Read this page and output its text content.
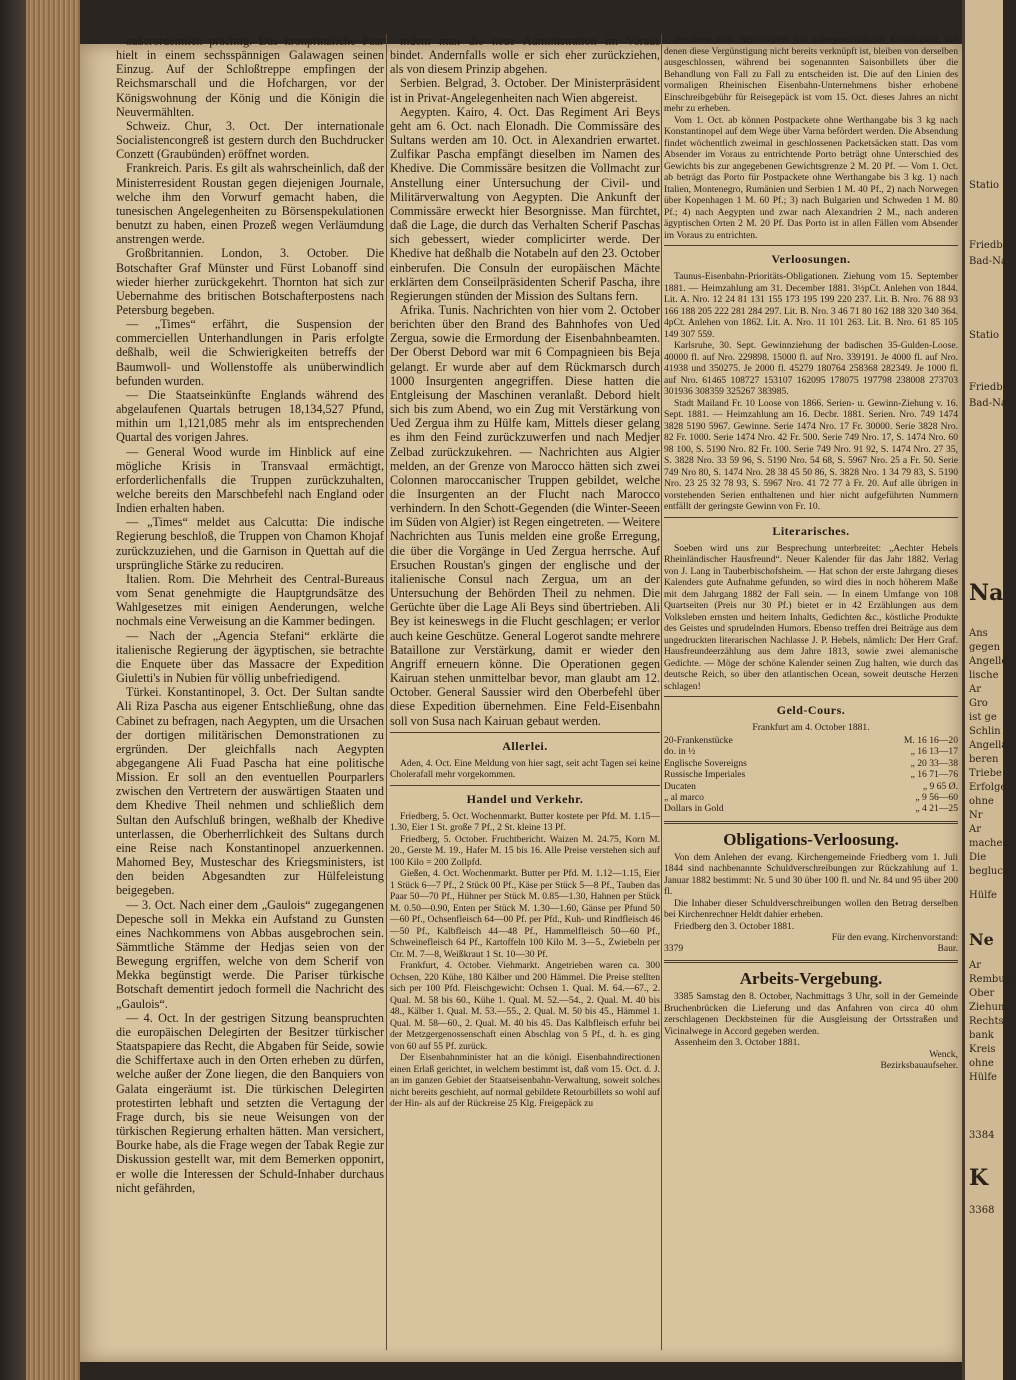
außerordentlich prächtig. Das kronprinzliche Paar hielt in einem sechsspännigen Galawagen seinen Einzug. Auf der Schloßtreppe empfingen der Reichsmarschall und die Hofchargen, vor der Königswohnung der König und die Königin die Neuvermählten.

Schweiz. Chur, 3. Oct. Der internationale Socialistencongreß ist gestern durch den Buchdrucker Conzett (Graubünden) eröffnet worden.

Frankreich. Paris. Es gilt als wahrscheinlich, daß der Ministerresident Roustan gegen diejenigen Journale, welche ihm den Vorwurf gemacht haben, die tunesischen Angelegenheiten zu Börsenspekulationen benutzt zu haben, einen Prozeß wegen Verläumdung anstrengen werde.

Großbritannien. London, 3. October. Die Botschafter Graf Münster und Fürst Lobanoff sind wieder hierher zurückgekehrt. Thornton hat sich zur Uebernahme des britischen Botschafterpostens nach Petersburg begeben.

— „Times“ erfährt, die Suspension der commerciellen Unterhandlungen in Paris erfolgte deßhalb, weil die Schwierigkeiten betreffs der Baumwoll- und Wollenstoffe als unüberwindlich befunden wurden.

— Die Staatseinkünfte Englands während des abgelaufenen Quartals betrugen 18,134,527 Pfund, mithin um 1,121,085 mehr als im entsprechenden Quartal des vorigen Jahres.

— General Wood wurde im Hinblick auf eine mögliche Krisis in Transvaal ermächtigt, erforderlichenfalls die Truppen zurückzuhalten, welche bereits den Marschbefehl nach England oder Indien erhalten haben.

— „Times“ meldet aus Calcutta: Die indische Regierung beschloß, die Truppen von Chamon Khojaf zurückzuziehen, und die Garnison in Quettah auf die ursprüngliche Stärke zu reduciren.

Italien. Rom. Die Mehrheit des Central-Bureaus vom Senat genehmigte die Hauptgrundsätze des Wahlgesetzes mit einigen Aenderungen, welche nochmals eine Verweisung an die Kammer bedingen.

— Nach der „Agencia Stefani“ erklärte die italienische Regierung der ägyptischen, sie betrachte die Enquete über das Massacre der Expedition Giuletti's in Nubien für völlig unbefriedigend.

Türkei. Konstantinopel, 3. Oct. Der Sultan sandte Ali Riza Pascha aus eigener Entschließung, ohne das Cabinet zu befragen, nach Aegypten, um die Ursachen der dortigen militärischen Demonstrationen zu ergründen. Der gleichfalls nach Aegypten abgegangene Ali Fuad Pascha hat eine politische Mission. Er soll an den eventuellen Pourparlers zwischen den Vertretern der auswärtigen Staaten und dem Khedive Theil nehmen und schließlich dem Sultan den Aufschluß bringen, weßhalb der Khedive unterlassen, die Oberherrlichkeit des Sultans durch eine Reise nach Konstantinopel anzuerkennen. Mahomed Bey, Musteschar des Kriegsministers, ist den beiden Abgesandten zur Hülfeleistung beigegeben.

— 3. Oct. Nach einer dem „Gaulois“ zugegangenen Depesche soll in Mekka ein Aufstand zu Gunsten eines Nachkommens von Abbas ausgebrochen sein. Sämmtliche Stämme der Hedjas seien von der Bewegung ergriffen, welche von dem Scherif von Mekka begünstigt werde. Die Pariser türkische Botschaft dementirt jedoch formell die Nachricht des „Gaulois“.

— 4. Oct. In der gestrigen Sitzung beanspruchten die europäischen Delegirten der Besitzer türkischer Staatspapiere das Recht, die Abgaben für Seide, sowie die Schiffertaxe auch in den Orten erheben zu dürfen, welche außer der Zone liegen, die den Banquiers von Galata eingeräumt ist. Die türkischen Delegirten protestirten lebhaft und setzten die Vertagung der Frage durch, bis sie neue Weisungen von der türkischen Regierung erhalten hätten. Man versichert, Bourke habe, als die Frage wegen der Tabak Regie zur Diskussion gestellt war, mit dem Bemerken opponirt, er wolle die Interessen der Schuld-Inhaber durchaus nicht gefährden,

indem man die neue Administration im Voraus bindet. Andernfalls wolle er sich eher zurückziehen, als von diesem Prinzip abgehen.

Serbien. Belgrad, 3. October. Der Ministerpräsident ist in Privat-Angelegenheiten nach Wien abgereist.

Aegypten. Kairo, 4. Oct. Das Regiment Ari Beys geht am 6. Oct. nach Elonadh. Die Commissäre des Sultans werden am 10. Oct. in Alexandrien erwartet. Zulfikar Pascha empfängt dieselben im Namen des Khedive. Die Commissäre besitzen die Vollmacht zur Anstellung einer Untersuchung der Civil- und Militärverwaltung von Aegypten. Die Ankunft der Commissäre erweckt hier Besorgnisse. Man fürchtet, daß die Lage, die durch das Verhalten Scherif Paschas sich gebessert, wieder complicirter werde. Der Khedive hat deßhalb die Notabeln auf den 23. October einberufen. Die Consuln der europäischen Mächte erklärten dem Conseilpräsidenten Scherif Pascha, ihre Regierungen stünden der Mission des Sultans fern.

Afrika. Tunis. Nachrichten von hier vom 2. October berichten über den Brand des Bahnhofes von Ued Zergua, sowie die Ermordung der Eisenbahnbeamten. Der Oberst Debord war mit 6 Compagnieen bis Beja gelangt. Er wurde aber auf dem Rückmarsch durch 1000 Insurgenten angegriffen. Diese hatten die Entgleisung der Maschinen veranlaßt. Debord hielt sich bis zum Abend, wo ein Zug mit Verstärkung von Ued Zergua ihm zu Hülfe kam, Mittels dieser gelang es ihm den Feind zurückzuwerfen und nach Medjer Zelbad zurückzukehren. — Nachrichten aus Algier melden, an der Grenze von Marocco hätten sich zwei Colonnen maroccanischer Truppen gebildet, welche die Insurgenten an der Flucht nach Marocco verhindern. In den Schott-Gegenden (die Winter-Seeen im Süden von Algier) ist Regen eingetreten. — Weitere Nachrichten aus Tunis melden eine große Erregung, die über die Vorgänge in Ued Zergua herrsche. Auf Ersuchen Roustan's gingen der englische und der italienische Consul nach Zergua, um an der Untersuchung der Behörden Theil zu nehmen. Die Gerüchte über die Lage Ali Beys sind übertrieben. Ali Bey ist keineswegs in die Flucht geschlagen; er verlor auch keine Geschütze. General Logerot sandte mehrere Bataillone zur Verstärkung, damit er wieder den Angriff erneuern könne. Die Operationen gegen Kairuan stehen unmittelbar bevor, man glaubt am 12. October. General Saussier wird den Oberbefehl über diese Expedition übernehmen. Eine Feld-Eisenbahn soll von Susa nach Kairuan gebaut werden.

Allerlei.

Aden, 4. Oct. Eine Meldung von hier sagt, seit acht Tagen sei keine Cholerafall mehr vorgekommen.

Handel und Verkehr.

Friedberg, 5. Oct. Wochenmarkt. Butter kostete per Pfd. M. 1.15—1.30, Eier 1 St. große 7 Pf., 2 St. kleine 13 Pf.

Friedberg, 5. October. Fruchtbericht. Waizen M. 24.75, Korn M. 20., Gerste M. 19., Hafer M. 15 bis 16. Alle Preise verstehen sich auf 100 Kilo = 200 Zollpfd.

Gießen, 4. Oct. Wochenmarkt. Butter per Pfd. M. 1.12—1.15, Eier 1 Stück 6—7 Pf., 2 Stück 00 Pf., Käse per Stück 5—8 Pf., Tauben das Paar 50—70 Pf., Hühner per Stück M. 0.85—1.30, Hahnen per Stück M. 0.50—0.90, Enten per Stück M. 1.30—1.60, Gänse per Pfund 50—60 Pf., Ochsenfleisch 64—00 Pf. per Pfd., Kuh- und Rindfleisch 46—50 Pf., Kalbfleisch 44—48 Pf., Hammelfleisch 50—60 Pf., Schweinefleisch 64 Pf., Kartoffeln 100 Kilo M. 3—5., Zwiebeln per Ctr. M. 7—8, Weißkraut 1 St. 10—30 Pf.

Frankfurt, 4. October. Viehmarkt. Angetrieben waren ca. 300 Ochsen, 220 Kühe, 180 Kälber und 200 Hämmel. Die Preise stellten sich per 100 Pfd. Fleischgewicht: Ochsen 1. Qual. M. 64.—67., 2. Qual. M. 58 bis 60., Kühe 1. Qual. M. 52.—54., 2. Qual. M. 40 bis 48., Kälber 1. Qual. M. 53.—55., 2. Qual. M. 50 bis 45., Hämmel 1. Qual. M. 58—60., 2. Qual. M. 40 bis 45. Das Kalbfleisch erfuhr bei der Metzgergenossenschaft einen Abschlag von 5 Pf., d. h. es ging von 60 auf 55 Pf. zurück.

Der Eisenbahnminister hat an die königl. Eisenbahndirectionen einen Erlaß gerichtet, in welchem bestimmt ist, daß vom 15. Oct. d. J. an im ganzen Gebiet der Staatseisenbahn-Verwaltung, soweit solches nicht bereits geschieht, auf normal gebildete Retourbillets so wohl auf der Hin- als auf der Rückreise 25 Klg. Freigepäck zu

gewähren sind. Retourbillets mit außergewöhnlicher Ermäßigung, mit denen diese Vergünstigung nicht bereits verknüpft ist, bleiben von derselben ausgeschlossen, während bei sogenannten Saisonbillets über die Behandlung von Fall zu Fall zu entscheiden ist. Die auf den Linien des vormaligen Rheinischen Eisenbahn-Unternehmens bisher erhobene Einschreibgebühr für Reisegepäck ist vom 15. Oct. dieses Jahres an nicht mehr zu erheben.

Vom 1. Oct. ab können Postpackete ohne Werthangabe bis 3 kg nach Konstantinopel auf dem Wege über Varna befördert werden. Die Absendung findet wöchentlich zweimal in geschlossenen Packetsäcken statt. Das vom Absender im Voraus zu entrichtende Porto beträgt ohne Unterschied des Gewichts bis zur angegebenen Gewichtsgrenze 2 M. 20 Pf. — Vom 1. Oct. ab beträgt das Porto für Postpackete ohne Werthangabe bis 3 kg. 1) nach Italien, Montenegro, Rumänien und Serbien 1 M. 40 Pf., 2) nach Norwegen über Kopenhagen 1 M. 60 Pf.; 3) nach Bulgarien und Schweden 1 M. 80 Pf.; 4) nach Aegypten und zwar nach Alexandrien 2 M., nach anderen ägyptischen Orten 2 M. 20 Pf. Das Porto ist in allen Fällen vom Absender im Voraus zu entrichten.

Verloosungen.

Taunus-Eisenbahn-Prioritäts-Obligationen. Ziehung vom 15. September 1881. — Heimzahlung am 31. December 1881. 3½pCt. Anlehen von 1844. Lit. A. Nro. 12 24 81 131 155 173 195 199 220 237. Lit. B. Nro. 76 88 93 166 188 205 222 281 284 297. Lit. B. Nro. 3 46 71 80 162 188 320 340 364. 4pCt. Anlehen von 1862. Lit. A. Nro. 11 101 263. Lit. B. Nro. 61 85 105 149 307 559.

Karlsruhe, 30. Sept. Gewinnziehung der badischen 35-Gulden-Loose. 40000 fl. auf Nro. 229898. 15000 fl. auf Nro. 339191. Je 4000 fl. auf Nro. 41938 und 350275. Je 2000 fl. 45279 180764 258368 282349. Je 1000 fl. auf Nro. 61465 108727 153107 162095 178075 197798 238008 273703 301936 308359 325267 383985.

Stadt Mailand Fr. 10 Loose von 1866. Serien- u. Gewinn-Ziehung v. 16. Sept. 1881. — Heimzahlung am 16. Decbr. 1881. Serien. Nro. 749 1474 3828 5190 5967. Gewinne. Serie 1474 Nro. 17 Fr. 30000. Serie 3828 Nro. 82 Fr. 1000. Serie 1474 Nro. 42 Fr. 500. Serie 749 Nro. 17, S. 1474 Nro. 60 98 100, S. 5190 Nro. 82 Fr. 100. Serie 749 Nro. 91 92, S. 1474 Nro. 27 35, S. 3828 Nro. 33 59 96, S. 5190 Nro. 54 68, S. 5967 Nro. 25 a Fr. 50. Serie 749 Nro 80, S. 1474 Nro. 28 38 45 50 86, S. 3828 Nro. 1 34 79 83, S. 5190 Nro. 23 25 32 78 93, S. 5967 Nro. 41 72 77 à Fr. 20. Auf alle übrigen in vorstehenden Serien enthaltenen und hier nicht aufgeführten Nummern entfällt der geringste Gewinn von Fr. 10.

Literarisches.

Soeben wird uns zur Besprechung unterbreitet: „Aechter Hebels Rheinländischer Hausfreund“. Neuer Kalender für das Jahr 1882. Verlag von J. Lang in Tauberbischofsheim. — Hat schon der erste Jahrgang dieses Kalenders gute Aufnahme gefunden, so wird dies in noch höherem Maße mit dem Jahrgang 1882 der Fall sein. — In einem Umfange von 108 Quartseiten (Preis nur 30 Pf.) bietet er in 42 Erzählungen aus dem Volksleben ernsten und heitern Inhalts, Gedichten &c., köstliche Produkte des Geistes und sprudelnden Humors. Ebenso treffen drei Beiträge aus dem ungedruckten literarischen Nachlasse J. P. Hebels, nämlich: Der Herr Graf. Hausfreundeerzählung aus dem Jahre 1813, sowie zwei alemanische Gedichte. — Möge der schöne Kalender seinen Zug halten, wie durch das deutsche Reich, so über den atlantischen Ocean, soweit deutsche Herzen schlagen!

Geld-Cours.
Frankfurt am 4. October 1881.
20-Frankenstücke	M. 16 16—20
do. in ½	„ 16 13—17
Englische Sovereigns	„ 20 33—38
Russische Imperiales	„ 16 71—76
Ducaten	„ 9 65 Ø.
„ al marco	„ 9 56—60
Dollars in Gold	„ 4 21—25
Obligations-Verloosung.

Von dem Anlehen der evang. Kirchengemeinde Friedberg vom 1. Juli 1844 sind nachbenannte Schuldverschreibungen zur Rückzahlung auf 1. Januar 1882 bestimmt: Nr. 5 und 30 über 100 fl. und Nr. 84 und 95 über 200 fl.

Die Inhaber dieser Schuldverschreibungen wollen den Betrag derselben bei Kirchenrechner Heldt dahier erheben.

Friedberg den 3. October 1881.

Für den evang. Kirchenvorstand:
3379	Baur.
Arbeits-Vergebung.

3385 Samstag den 8. October, Nachmittags 3 Uhr, soll in der Gemeinde Bruchenbrücken die Lieferung und das Anfahren von circa 40 ohm zerschlagenen Deckbsteinen für die Ausgleisung der Ortsstraßen und Vicinalwege in Accord gegeben werden.

Assenheim den 3. October 1881.

Wenck,
Bezirksbauaufseher.
Statio
Friedber
Bad-Na
Statio
Friedbe
Bad-Na
Na
Ans
gegen
Angelle
lische
Ar
Gro
ist ge
Schlin
Angella
beren
Triebe
Erfolge
ohne
Nr
Ar
machen
Die
begluck
Hülfe
Ne
Ar
Remburg
Ober
Ziehung
Rechts
bank
Kreis
ohne
Hülfe
3384
K
3368
